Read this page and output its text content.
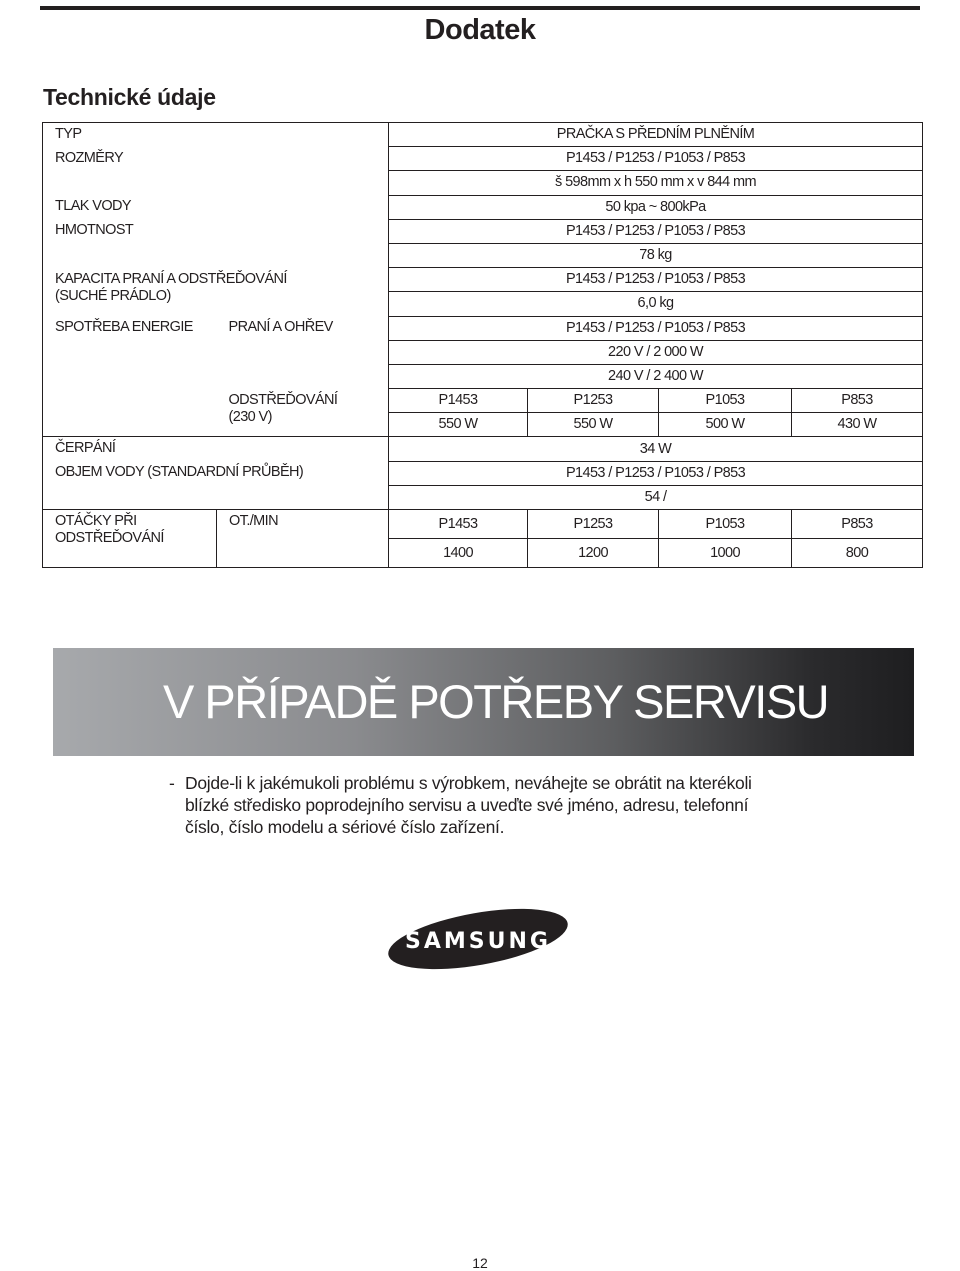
Dodatek
Technické údaje
TYP		PRAČKA S PŘEDNÍM PLNĚNÍM			
ROZMĚRY		P1453 / P1253 / P1053 / P853			
		š 598mm x h 550 mm x v 844 mm			
TLAK VODY		50 kpa ~ 800kPa			
HMOTNOST		P1453 / P1253 / P1053 / P853			
		78 kg			
KAPACITA PRANÍ A ODSTŘEĎOVÁNÍ
(SUCHÉ PRÁDLO)		P1453 / P1253 / P1053 / P853			
		6,0 kg			
SPOTŘEBA ENERGIE	PRANÍ A OHŘEV	P1453 / P1253 / P1053 / P853			
		220 V / 2 000 W			
		240 V / 2 400 W			
	ODSTŘEĎOVÁNÍ
(230 V)	P1453	P1253	P1053	P853
		550 W	550 W	500 W	430 W
ČERPÁNÍ		34 W			
OBJEM VODY (STANDARDNÍ PRŮBĚH)		P1453 / P1253 / P1053 / P853			
		54 /			
OTÁČKY PŘI
ODSTŘEĎOVÁNÍ	OT./MIN	P1453	P1253	P1053	P853
		1400	1200	1000	800
V PŘÍPADĚ POTŘEBY SERVISU
- Dojde-li k jakémukoli problému s výrobkem, neváhejte se obrátit na kterékoli blízké středisko poprodejního servisu a uveďte své jméno, adresu, telefonní číslo, číslo modelu a sériové číslo zařízení.
SAMSUNG
12
